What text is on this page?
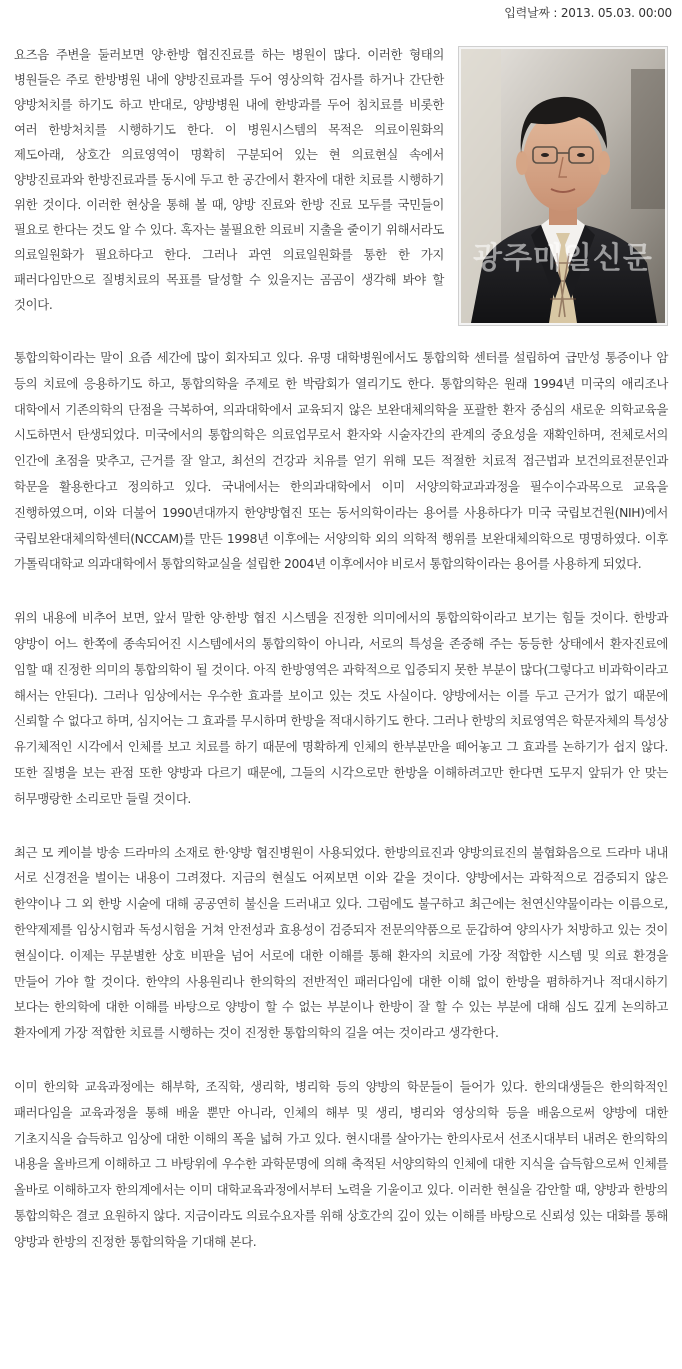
입력날짜 : 2013. 05.03. 00:00
광주매일신문

요즈음 주변을 둘러보면 양·한방 협진진료를 하는 병원이 많다. 이러한 형태의 병원들은 주로 한방병원 내에 양방진료과를 두어 영상의학 검사를 하거나 간단한 양방처치를 하기도 하고 반대로, 양방병원 내에 한방과를 두어 침치료를 비롯한 여러 한방처치를 시행하기도 한다. 이 병원시스템의 목적은 의료이원화의 제도아래, 상호간 의료영역이 명확히 구분되어 있는 현 의료현실 속에서 양방진료과와 한방진료과를 동시에 두고 한 공간에서 환자에 대한 치료를 시행하기 위한 것이다. 이러한 현상을 통해 볼 때, 양방 진료와 한방 진료 모두를 국민들이 필요로 한다는 것도 알 수 있다. 혹자는 불필요한 의료비 지출을 줄이기 위해서라도 의료일원화가 필요하다고 한다. 그러나 과연 의료일원화를 통한 한 가지 패러다임만으로 질병치료의 목표를 달성할 수 있을지는 곰곰이 생각해 봐야 할 것이다.

통합의학이라는 말이 요즘 세간에 많이 회자되고 있다. 유명 대학병원에서도 통합의학 센터를 설립하여 급만성 통증이나 암 등의 치료에 응용하기도 하고, 통합의학을 주제로 한 박람회가 열리기도 한다. 통합의학은 원래 1994년 미국의 애리조나 대학에서 기존의학의 단점을 극복하여, 의과대학에서 교육되지 않은 보완대체의학을 포괄한 환자 중심의 새로운 의학교육을 시도하면서 탄생되었다. 미국에서의 통합의학은 의료업무로서 환자와 시술자간의 관계의 중요성을 재확인하며, 전체로서의 인간에 초점을 맞추고, 근거를 잘 알고, 최선의 건강과 치유를 얻기 위해 모든 적절한 치료적 접근법과 보건의료전문인과 학문을 활용한다고 정의하고 있다. 국내에서는 한의과대학에서 이미 서양의학교과과정을 필수이수과목으로 교육을 진행하였으며, 이와 더불어 1990년대까지 한양방협진 또는 동서의학이라는 용어를 사용하다가 미국 국립보건원(NIH)에서 국립보완대체의학센터(NCCAM)를 만든 1998년 이후에는 서양의학 외의 의학적 행위를 보완대체의학으로 명명하였다. 이후 가톨릭대학교 의과대학에서 통합의학교실을 설립한 2004년 이후에서야 비로서 통합의학이라는 용어를 사용하게 되었다.

위의 내용에 비추어 보면, 앞서 말한 양·한방 협진 시스템을 진정한 의미에서의 통합의학이라고 보기는 힘들 것이다. 한방과 양방이 어느 한쪽에 종속되어진 시스템에서의 통합의학이 아니라, 서로의 특성을 존중해 주는 동등한 상태에서 환자진료에 임할 때 진정한 의미의 통합의학이 될 것이다. 아직 한방영역은 과학적으로 입증되지 못한 부분이 많다(그렇다고 비과학이라고 해서는 안된다). 그러나 임상에서는 우수한 효과를 보이고 있는 것도 사실이다. 양방에서는 이를 두고 근거가 없기 때문에 신뢰할 수 없다고 하며, 심지어는 그 효과를 무시하며 한방을 적대시하기도 한다. 그러나 한방의 치료영역은 학문자체의 특성상 유기체적인 시각에서 인체를 보고 치료를 하기 때문에 명확하게 인체의 한부분만을 떼어놓고 그 효과를 논하기가 쉽지 않다. 또한 질병을 보는 관점 또한 양방과 다르기 때문에, 그들의 시각으로만 한방을 이해하려고만 한다면 도무지 앞뒤가 안 맞는 허무맹랑한 소리로만 들릴 것이다.

최근 모 케이블 방송 드라마의 소재로 한·양방 협진병원이 사용되었다. 한방의료진과 양방의료진의 불협화음으로 드라마 내내 서로 신경전을 벌이는 내용이 그려졌다. 지금의 현실도 어찌보면 이와 같을 것이다. 양방에서는 과학적으로 검증되지 않은 한약이나 그 외 한방 시술에 대해 공공연히 불신을 드러내고 있다. 그럼에도 불구하고 최근에는 천연신약물이라는 이름으로, 한약제제를 임상시험과 독성시험을 거쳐 안전성과 효용성이 검증되자 전문의약품으로 둔갑하여 양의사가 처방하고 있는 것이 현실이다. 이제는 무분별한 상호 비판을 넘어 서로에 대한 이해를 통해 환자의 치료에 가장 적합한 시스템 및 의료 환경을 만들어 가야 할 것이다. 한약의 사용원리나 한의학의 전반적인 패러다임에 대한 이해 없이 한방을 폄하하거나 적대시하기 보다는 한의학에 대한 이해를 바탕으로 양방이 할 수 없는 부분이나 한방이 잘 할 수 있는 부분에 대해 심도 깊게 논의하고 환자에게 가장 적합한 치료를 시행하는 것이 진정한 통합의학의 길을 여는 것이라고 생각한다.

이미 한의학 교육과정에는 해부학, 조직학, 생리학, 병리학 등의 양방의 학문들이 들어가 있다. 한의대생들은 한의학적인 패러다임을 교육과정을 통해 배울 뿐만 아니라, 인체의 해부 및 생리, 병리와 영상의학 등을 배움으로써 양방에 대한 기초지식을 습득하고 임상에 대한 이해의 폭을 넓혀 가고 있다. 현시대를 살아가는 한의사로서 선조시대부터 내려온 한의학의 내용을 올바르게 이해하고 그 바탕위에 우수한 과학문명에 의해 축적된 서양의학의 인체에 대한 지식을 습득함으로써 인체를 올바로 이해하고자 한의계에서는 이미 대학교육과정에서부터 노력을 기울이고 있다. 이러한 현실을 감안할 때, 양방과 한방의 통합의학은 결코 요원하지 않다. 지금이라도 의료수요자를 위해 상호간의 깊이 있는 이해를 바탕으로 신뢰성 있는 대화를 통해 양방과 한방의 진정한 통합의학을 기대해 본다.
